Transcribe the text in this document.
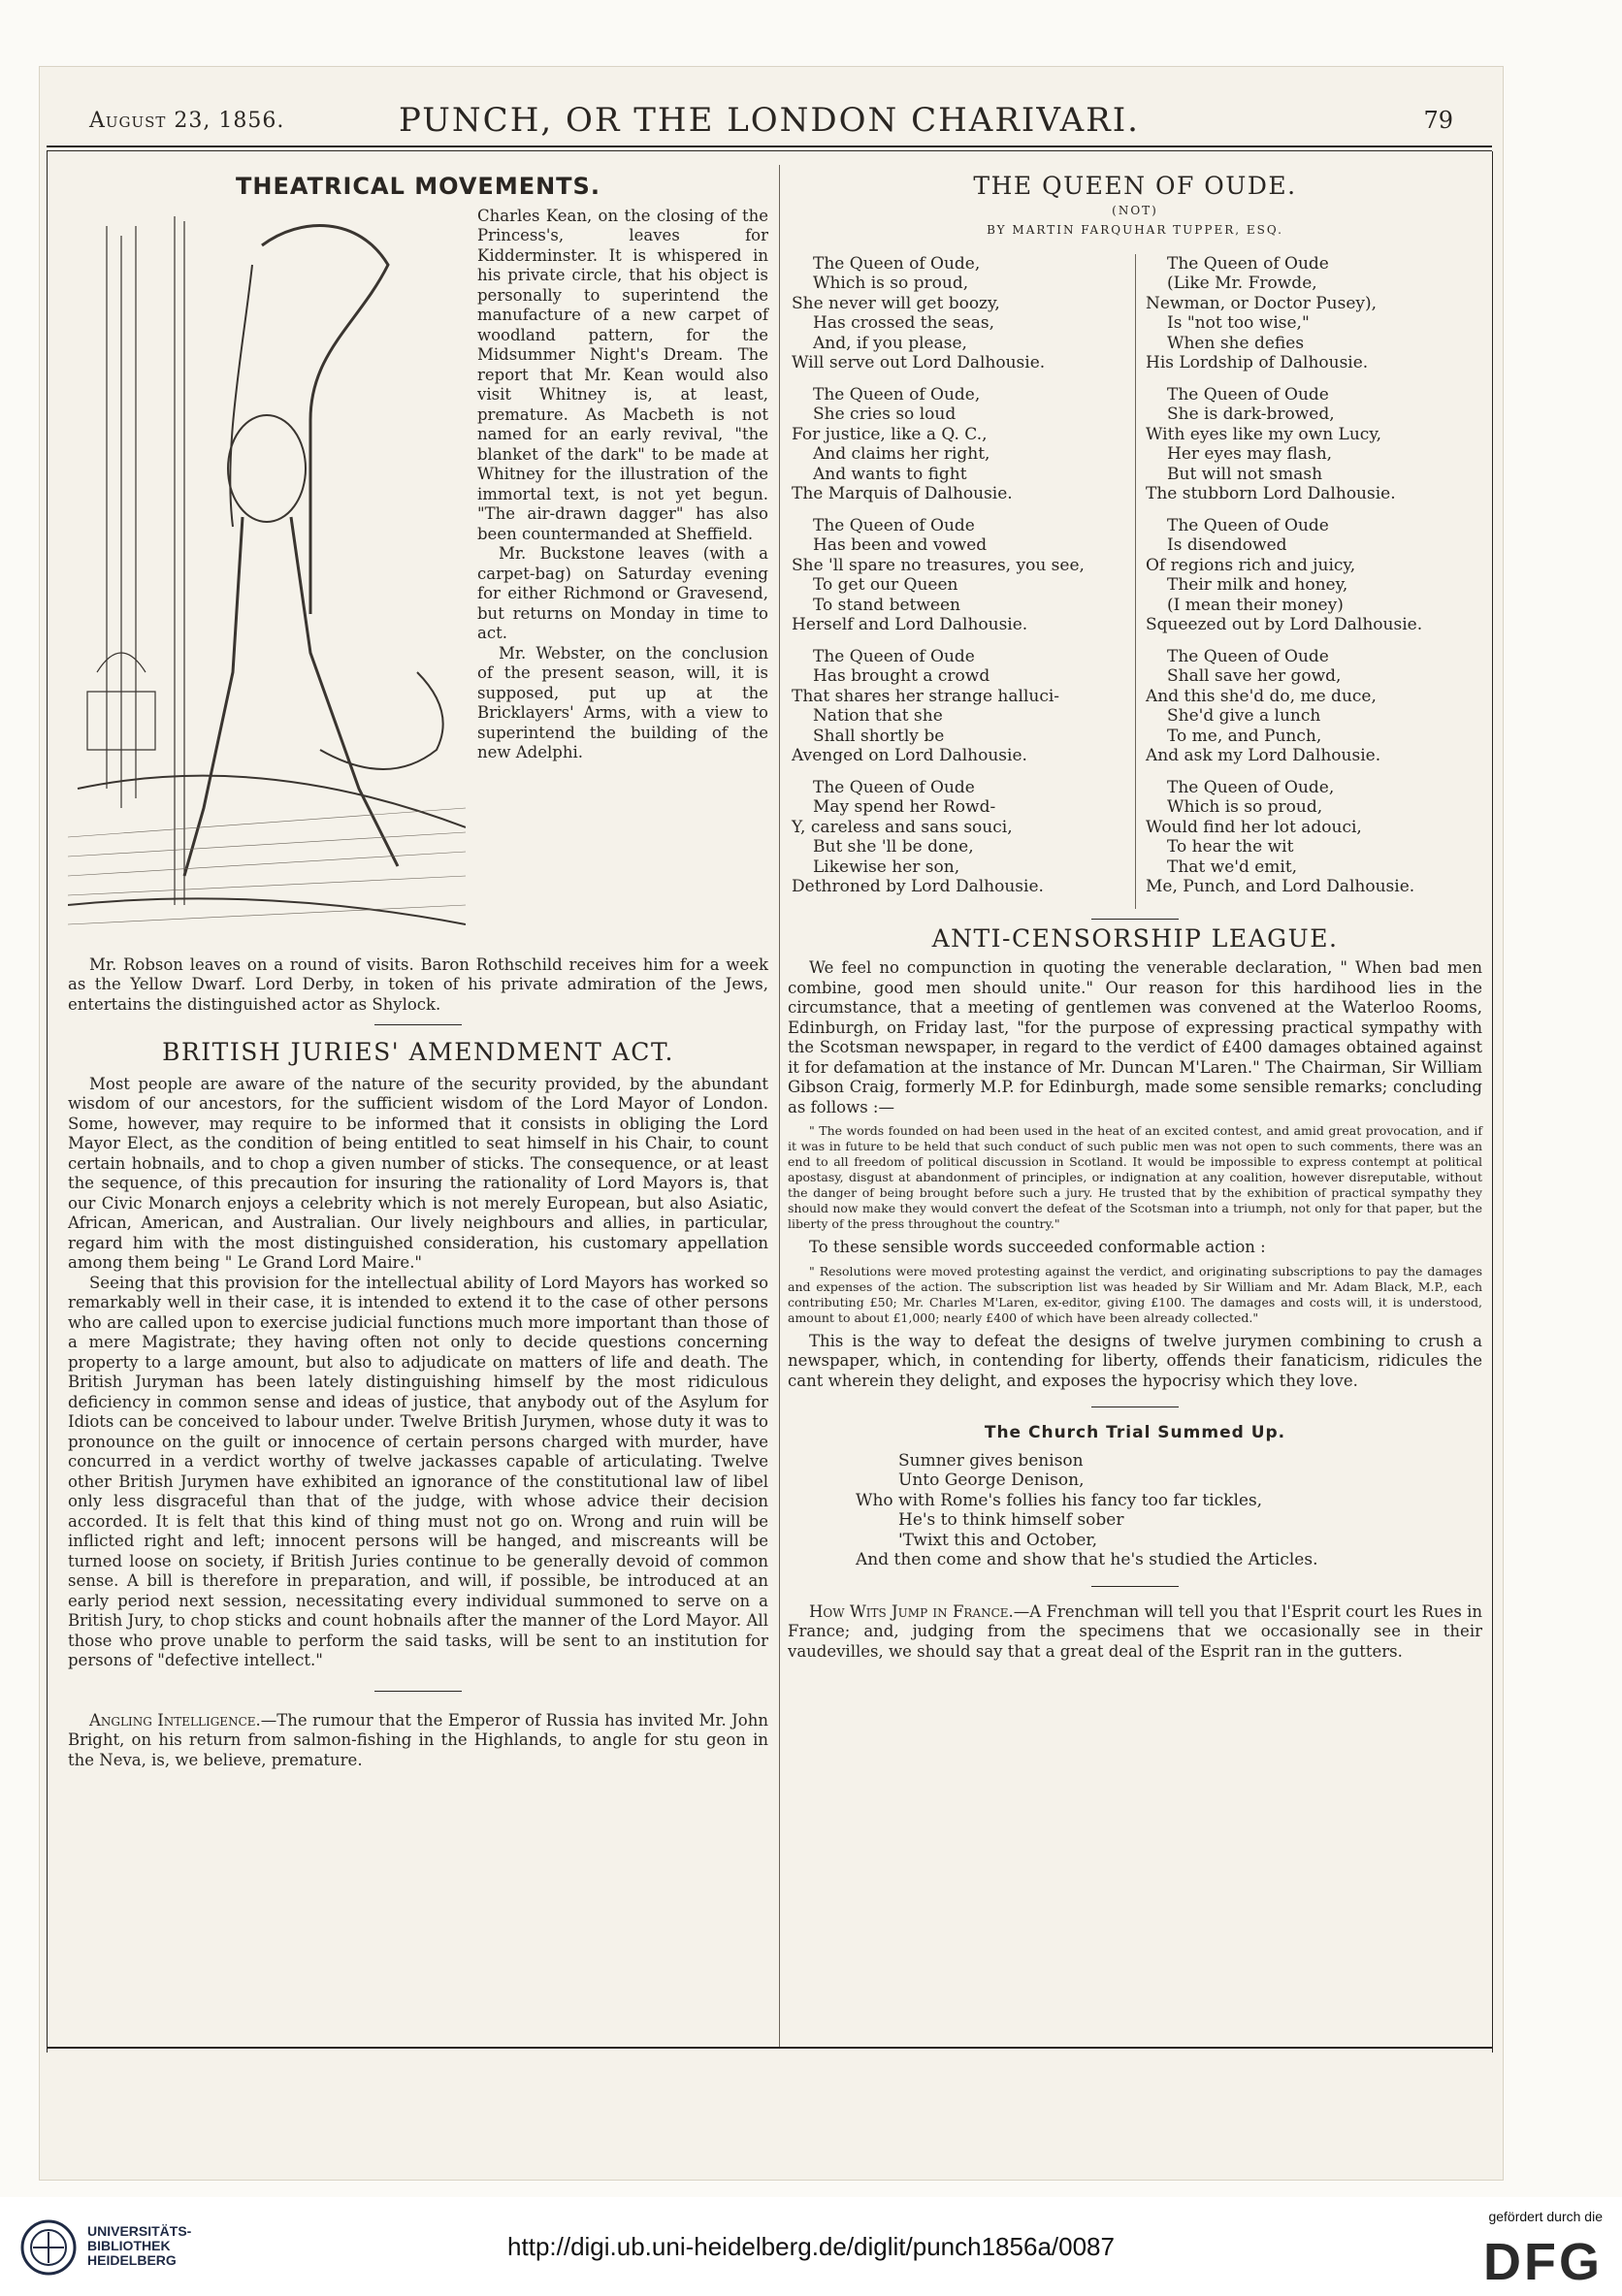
August 23, 1856.	PUNCH, OR THE LONDON CHARIVARI.	79
THEATRICAL MOVEMENTS.

Charles Kean, on the closing of the Princess's, leaves for Kidderminster. It is whispered in his private circle, that his object is personally to superintend the manufacture of a new carpet of woodland pattern, for the Midsummer Night's Dream. The report that Mr. Kean would also visit Whitney is, at least, premature. As Macbeth is not named for an early revival, "the blanket of the dark" to be made at Whitney for the illustration of the immortal text, is not yet begun. "The air-drawn dagger" has also been countermanded at Sheffield.

Mr. Buckstone leaves (with a carpet-bag) on Saturday evening for either Richmond or Gravesend, but returns on Monday in time to act.

Mr. Webster, on the conclusion of the present season, will, it is supposed, put up at the Bricklayers' Arms, with a view to superintend the building of the new Adelphi.

Mr. Robson leaves on a round of visits. Baron Rothschild receives him for a week as the Yellow Dwarf. Lord Derby, in token of his private admiration of the Jews, entertains the distinguished actor as Shylock.

BRITISH JURIES' AMENDMENT ACT.

Most people are aware of the nature of the security provided, by the abundant wisdom of our ancestors, for the sufficient wisdom of the Lord Mayor of London. Some, however, may require to be informed that it consists in obliging the Lord Mayor Elect, as the condition of being entitled to seat himself in his Chair, to count certain hobnails, and to chop a given number of sticks. The consequence, or at least the sequence, of this precaution for insuring the rationality of Lord Mayors is, that our Civic Monarch enjoys a celebrity which is not merely European, but also Asiatic, African, American, and Australian. Our lively neighbours and allies, in particular, regard him with the most distinguished consideration, his customary appellation among them being " Le Grand Lord Maire."

Seeing that this provision for the intellectual ability of Lord Mayors has worked so remarkably well in their case, it is intended to extend it to the case of other persons who are called upon to exercise judicial functions much more important than those of a mere Magistrate; they having often not only to decide questions concerning property to a large amount, but also to adjudicate on matters of life and death. The British Juryman has been lately distinguishing himself by the most ridiculous deficiency in common sense and ideas of justice, that anybody out of the Asylum for Idiots can be conceived to labour under. Twelve British Jurymen, whose duty it was to pronounce on the guilt or innocence of certain persons charged with murder, have concurred in a verdict worthy of twelve jackasses capable of articulating. Twelve other British Jurymen have exhibited an ignorance of the constitutional law of libel only less disgraceful than that of the judge, with whose advice their decision accorded. It is felt that this kind of thing must not go on. Wrong and ruin will be inflicted right and left; innocent persons will be hanged, and miscreants will be turned loose on society, if British Juries continue to be generally devoid of common sense. A bill is therefore in preparation, and will, if possible, be introduced at an early period next session, necessitating every individual summoned to serve on a British Jury, to chop sticks and count hobnails after the manner of the Lord Mayor. All those who prove unable to perform the said tasks, will be sent to an institution for persons of "defective intellect."

Angling Intelligence.—The rumour that the Emperor of Russia has invited Mr. John Bright, on his return from salmon-fishing in the Highlands, to angle for stu geon in the Neva, is, we believe, premature.

THE QUEEN OF OUDE.
(NOT)
BY MARTIN FARQUHAR TUPPER, ESQ.
The Queen of Oude,
Which is so proud,
She never will get boozy,
Has crossed the seas,
And, if you please,
Will serve out Lord Dalhousie.
The Queen of Oude,
She cries so loud
For justice, like a Q. C.,
And claims her right,
And wants to fight
The Marquis of Dalhousie.
The Queen of Oude
Has been and vowed
She 'll spare no treasures, you see,
To get our Queen
To stand between
Herself and Lord Dalhousie.
The Queen of Oude
Has brought a crowd
That shares her strange halluci-
Nation that she
Shall shortly be
Avenged on Lord Dalhousie.
The Queen of Oude
May spend her Rowd-
Y, careless and sans souci,
But she 'll be done,
Likewise her son,
Dethroned by Lord Dalhousie.
The Queen of Oude
(Like Mr. Frowde,
Newman, or Doctor Pusey),
Is "not too wise,"
When she defies
His Lordship of Dalhousie.
The Queen of Oude
She is dark-browed,
With eyes like my own Lucy,
Her eyes may flash,
But will not smash
The stubborn Lord Dalhousie.
The Queen of Oude
Is disendowed
Of regions rich and juicy,
Their milk and honey,
(I mean their money)
Squeezed out by Lord Dalhousie.
The Queen of Oude
Shall save her gowd,
And this she'd do, me duce,
She'd give a lunch
To me, and Punch,
And ask my Lord Dalhousie.
The Queen of Oude,
Which is so proud,
Would find her lot adouci,
To hear the wit
That we'd emit,
Me, Punch, and Lord Dalhousie.
ANTI-CENSORSHIP LEAGUE.

We feel no compunction in quoting the venerable declaration, " When bad men combine, good men should unite." Our reason for this hardihood lies in the circumstance, that a meeting of gentlemen was convened at the Waterloo Rooms, Edinburgh, on Friday last, "for the purpose of expressing practical sympathy with the Scotsman newspaper, in regard to the verdict of £400 damages obtained against it for defamation at the instance of Mr. Duncan M'Laren." The Chairman, Sir William Gibson Craig, formerly M.P. for Edinburgh, made some sensible remarks; concluding as follows :—

" The words founded on had been used in the heat of an excited contest, and amid great provocation, and if it was in future to be held that such conduct of such public men was not open to such comments, there was an end to all freedom of political discussion in Scotland. It would be impossible to express contempt at political apostasy, disgust at abandonment of principles, or indignation at any coalition, however disreputable, without the danger of being brought before such a jury. He trusted that by the exhibition of practical sympathy they should now make they would convert the defeat of the Scotsman into a triumph, not only for that paper, but the liberty of the press throughout the country."

To these sensible words succeeded conformable action :

" Resolutions were moved protesting against the verdict, and originating subscriptions to pay the damages and expenses of the action. The subscription list was headed by Sir William and Mr. Adam Black, M.P., each contributing £50; Mr. Charles M'Laren, ex-editor, giving £100. The damages and costs will, it is understood, amount to about £1,000; nearly £400 of which have been already collected."

This is the way to defeat the designs of twelve jurymen combining to crush a newspaper, which, in contending for liberty, offends their fanaticism, ridicules the cant wherein they delight, and exposes the hypocrisy which they love.

The Church Trial Summed Up.
Sumner gives benison
Unto George Denison,
Who with Rome's follies his fancy too far tickles,
He's to think himself sober
'Twixt this and October,
And then come and show that he's studied the Articles.

How Wits Jump in France.—A Frenchman will tell you that l'Esprit court les Rues in France; and, judging from the specimens that we occasionally see in their vaudevilles, we should say that a great deal of the Esprit ran in the gutters.

UNIVERSITÄTS-
BIBLIOTHEK
HEIDELBERG	http://digi.ub.uni-heidelberg.de/diglit/punch1856a/0087
gefördert durch die
DFG
